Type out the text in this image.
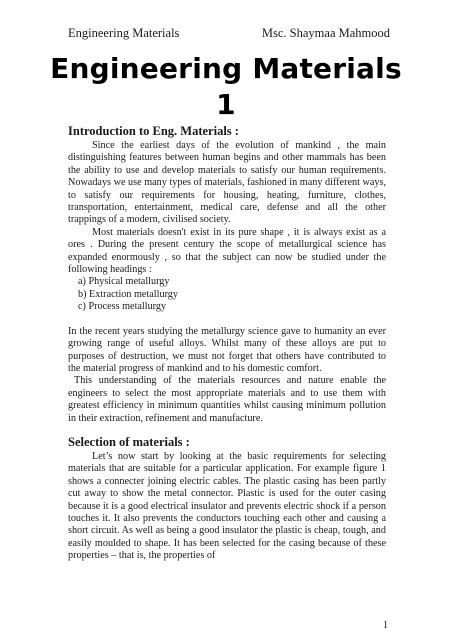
Engineering Materials	Msc. Shaymaa Mahmood
Engineering Materials
1
Introduction to Eng. Materials :

Since the earliest days of the evolution of mankind , the main distinguishing features between human begins and other mammals has been the ability to use and develop materials to satisfy our human requirements. Nowadays we use many types of materials, fashioned in many different ways, to satisfy our requirements for housing, heating, furniture, clothes, transportation, entertainment, medical care, defense and all the other trappings of a modern, civilised society.

Most materials doesn't exist in its pure shape , it is always exist as a ores . During the present century the scope of metallurgical science has expanded enormously , so that the subject can now be studied under the following headings :

a) Physical metallurgy
b) Extraction metallurgy
c) Process metallurgy

In the recent years studying the metallurgy science gave to humanity an ever growing range of useful alloys. Whilst many of these alloys are put to purposes of destruction, we must not forget that others have contributed to the material progress of mankind and to his domestic comfort.

This understanding of the materials resources and nature enable the engineers to select the most appropriate materials and to use them with greatest efficiency in minimum quantities whilst causing minimum pollution in their extraction, refinement and manufacture.

Selection of materials :

Let’s now start by looking at the basic requirements for selecting materials that are suitable for a particular application. For example figure 1 shows a connecter joining electric cables. The plastic casing has been partly cut away to show the metal connector. Plastic is used for the outer casing because it is a good electrical insulator and prevents electric shock if a person touches it. It also prevents the conductors touching each other and causing a short circuit. As well as being a good insulator the plastic is cheap, tough, and easily moulded to shape. It has been selected for the casing because of these properties – that is, the properties of

1
